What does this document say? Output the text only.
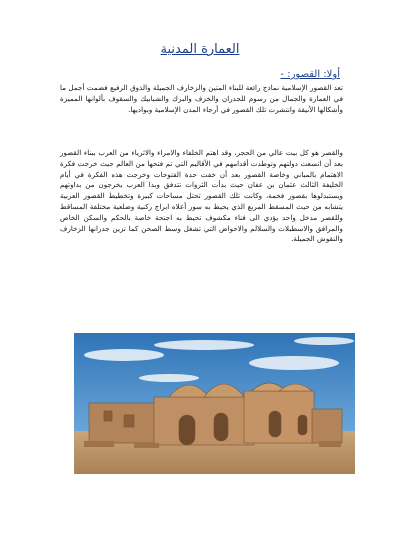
العمارة المدنية
أولا: القصور: -
تعد القصور الإسلامية نماذج رائعة للبناء المتين والزخارف الجميلة والذوق الرفيع فضمت أجمل ما في العمارة والجمال من رسوم للجدران والخزف والبرك والشبابيك والسقوف بألوانها المميزة وأشكالها الأنيقة وانتشرت تلك القصور في أرجاء المدن الإسلامية وبواديها.
والقصر هو كل بيت عالي من الحجر، وقد اهتم الخلفاء والامراء والاثرياء من العرب ببناء القصور بعد أن اتسعت دولتهم وتوطدت أقدامهم في الأقاليم التي تم فتحها من العالم حيث خرجت فكرة الاهتمام بالمباني وخاصة القصور بعد أن خفت حدة الفتوحات وخرجت هذه الفكرة في أيام الخليفة الثالث عثمان بن عفان حيث بدأت الثروات تتدفق وبدا العرب يخرجون من بداوتهم ويستبدلوها بقصور فخمة، وكانت تلك القصور تحتل مساحات كبيرة وتخطيط القصور العربية يتشابه من حيث المسقط المربع الذي يحيط به سور أعلاه ابراج ركنية وضلعية مختلفة المساقط وللقصر مدخل واحد يؤدي الى فناء مكشوف تحيط به اجنحة خاصة بالحكم والسكن الخاص والمرافق والاسطبلات والسلالم والاحواض التي تشغل وسط الصحن كما تزين جدرانها الزخارف والنقوش الجميلة.
